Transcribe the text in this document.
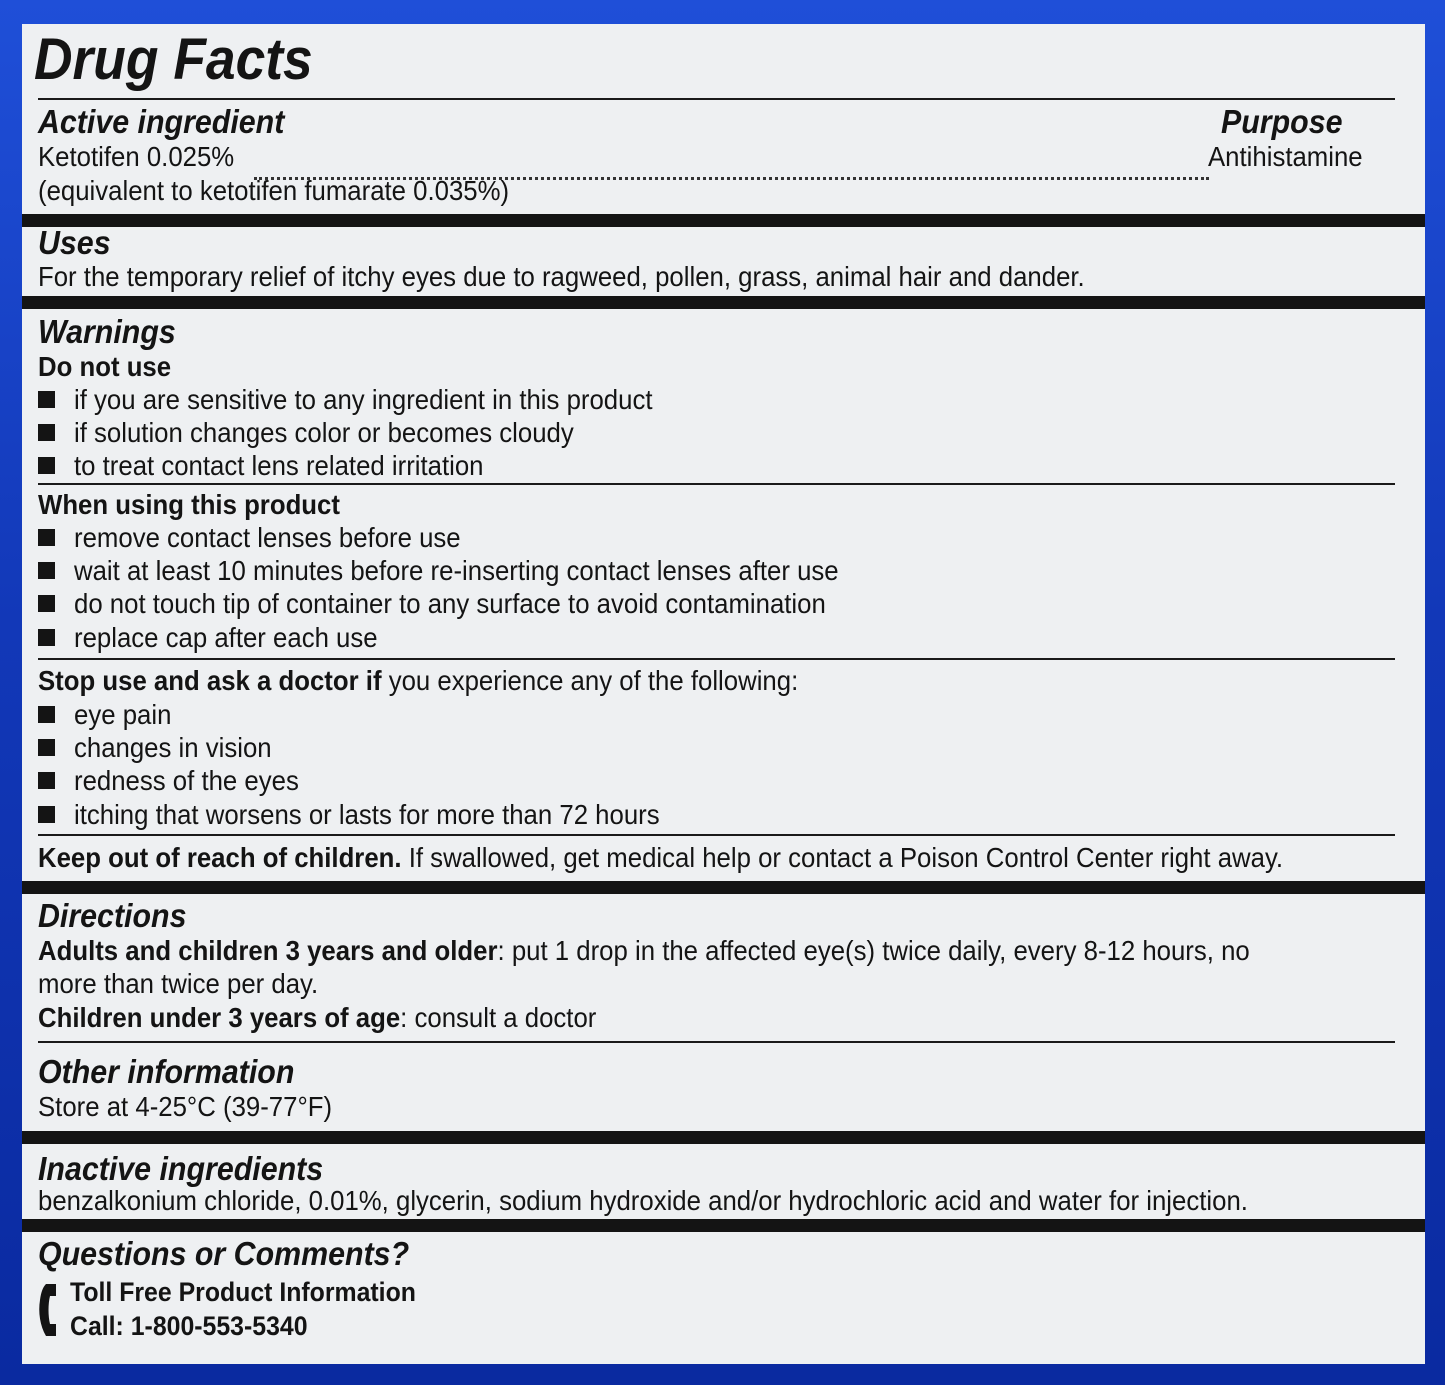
Drug Facts
Active ingredient	Purpose
Ketotifen 0.025%	Antihistamine
(equivalent to ketotifen fumarate 0.035%)
Uses
For the temporary relief of itchy eyes due to ragweed, pollen, grass, animal hair and dander.
Warnings
Do not use
if you are sensitive to any ingredient in this product
if solution changes color or becomes cloudy
to treat contact lens related irritation
When using this product
remove contact lenses before use
wait at least 10 minutes before re-inserting contact lenses after use
do not touch tip of container to any surface to avoid contamination
replace cap after each use
Stop use and ask a doctor if you experience any of the following:
eye pain
changes in vision
redness of the eyes
itching that worsens or lasts for more than 72 hours
Keep out of reach of children. If swallowed, get medical help or contact a Poison Control Center right away.
Directions
Adults and children 3 years and older: put 1 drop in the affected eye(s) twice daily, every 8-12 hours, no
more than twice per day.
Children under 3 years of age: consult a doctor
Other information
Store at 4-25°C (39-77°F)
Inactive ingredients
benzalkonium chloride, 0.01%, glycerin, sodium hydroxide and/or hydrochloric acid and water for injection.
Questions or Comments?
Toll Free Product Information
Call: 1-800-553-5340
